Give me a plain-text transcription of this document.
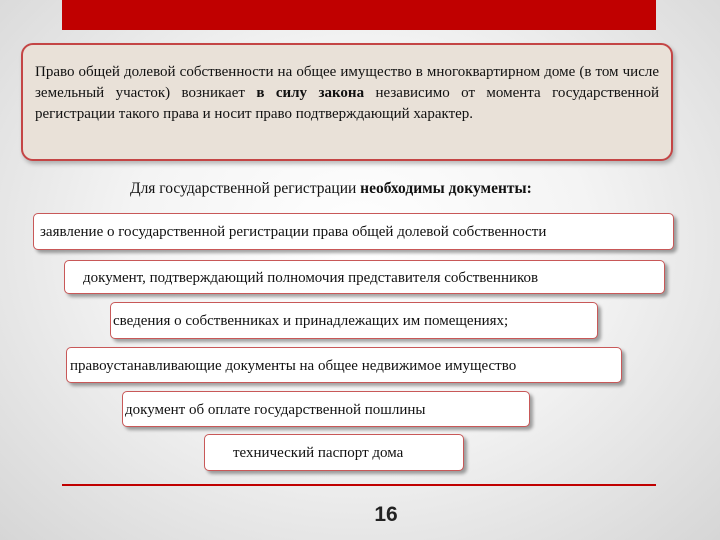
Право общей долевой собственности на общее имущество в многоквартирном доме (в том числе земельный участок) возникает в силу закона независимо от момента государственной регистрации такого права и носит право подтверждающий характер.
Для государственной регистрации необходимы документы:
заявление о государственной регистрации права общей долевой собственности
документ, подтверждающий полномочия представителя собственников
сведения о собственниках и принадлежащих им помещениях;
правоустанавливающие документы на общее недвижимое имущество
документ об оплате государственной пошлины
технический паспорт дома
16
